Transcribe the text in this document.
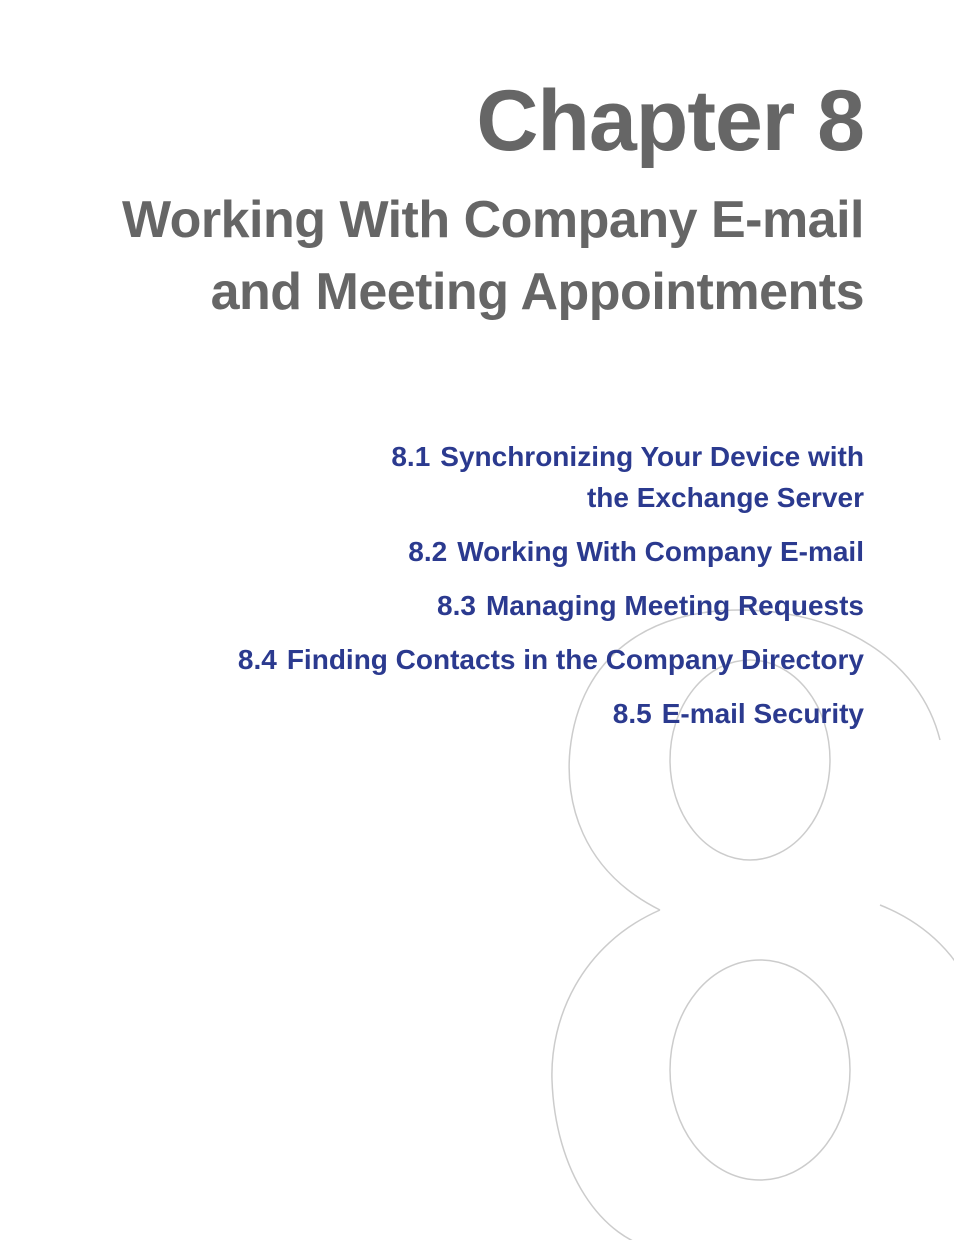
Chapter 8
Working With Company E-mail
and Meeting Appointments
8.1 Synchronizing Your Device with
the Exchange Server
8.2 Working With Company E-mail
8.3 Managing Meeting Requests
8.4 Finding Contacts in the Company Directory
8.5 E-mail Security
